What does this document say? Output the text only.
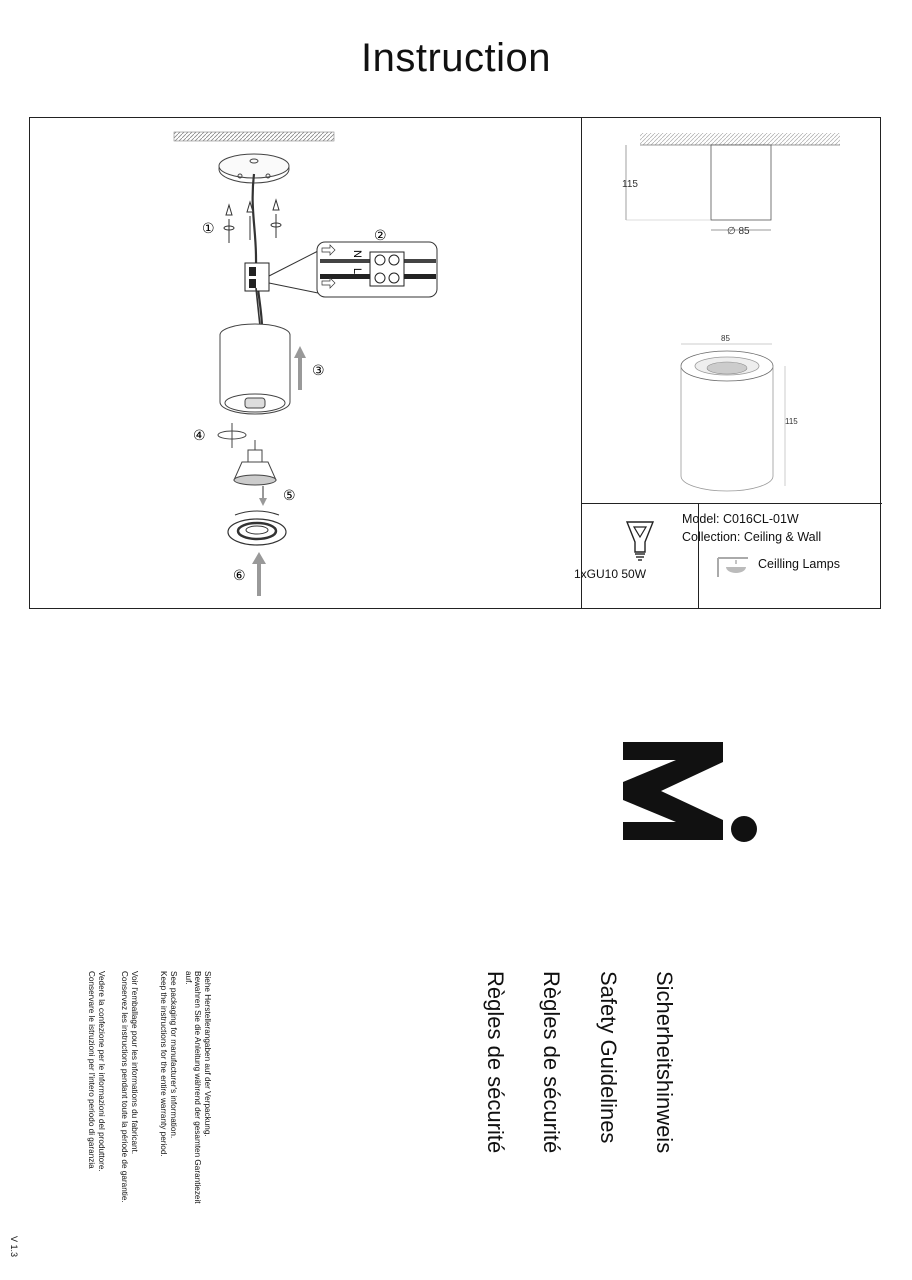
Instruction
①
N
L
②
③
④
⑤
⑥
115
∅ 85
85
115
1xGU10 50W
Model: C016CL-01W
Collection: Ceiling & Wall
Ceilling Lamps
Sicherheitshinweis
Safety Guidelines
Règles de sécurité
Règles de sécurité
Siehe Herstellerangaben auf der Verpackung.
Bewahren Sie die Anleitung während der gesamten Garantiezeit
auf.
See packaging for manufacturer's information.
Keep the instructions for the entire warranty period.
Voir l'emballage pour les informations du fabricant.
Conservez les instructions pendant toute la période de garantie.
Vedere la confezione per le informazioni del produttore.
Conservare le istruzioni per l'intero periodo di garanzia
V 1.3
